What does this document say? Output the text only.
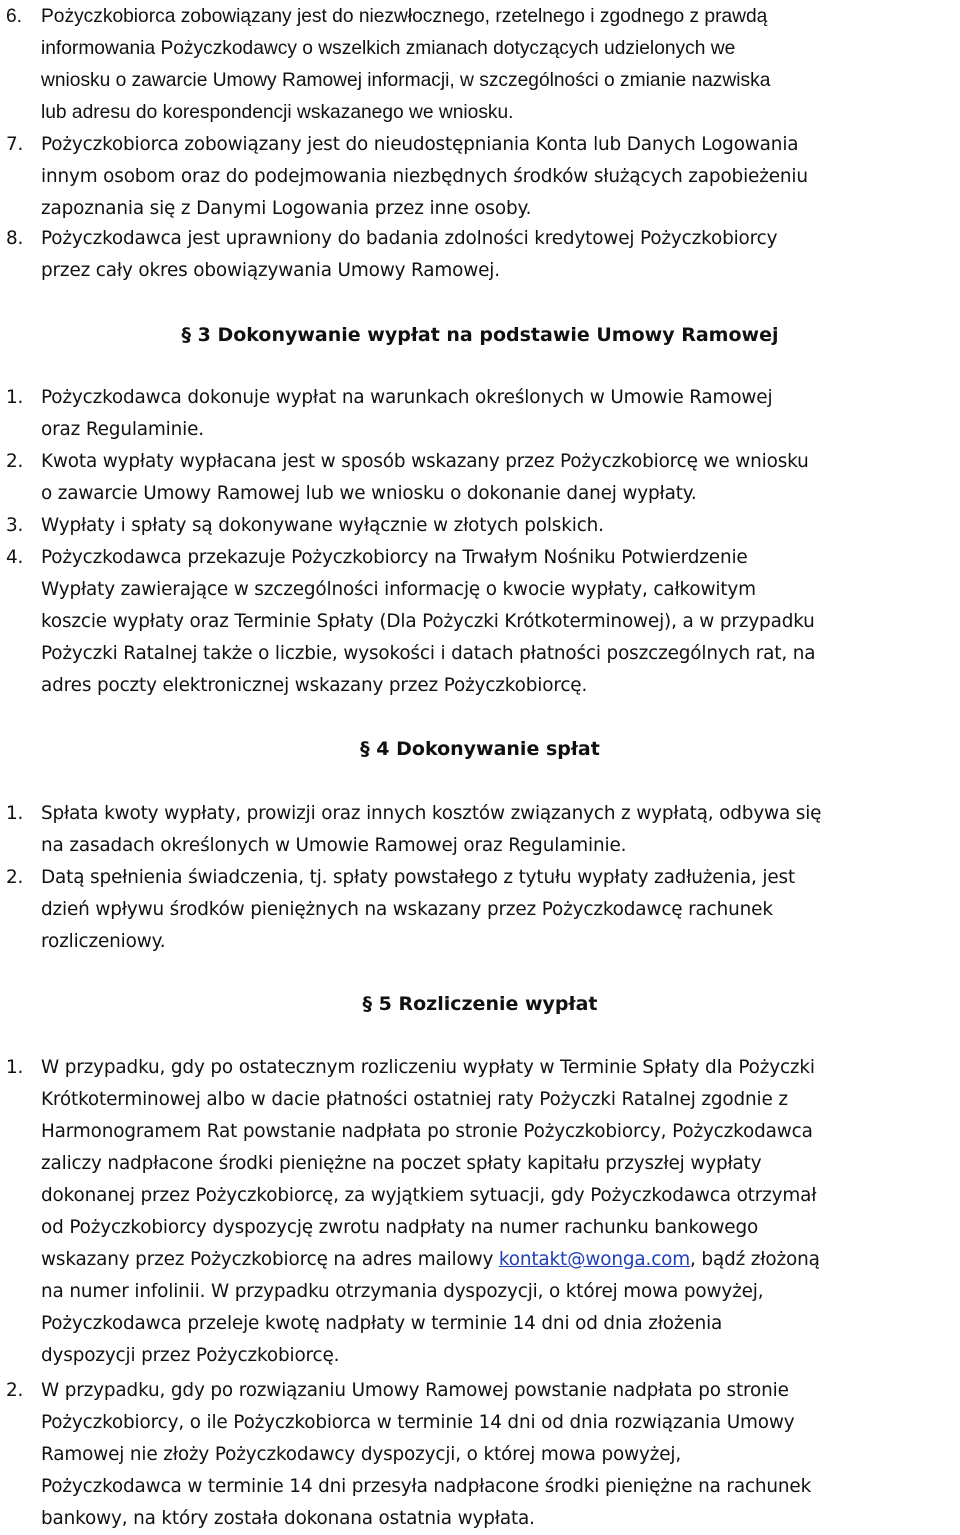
6. Pożyczkobiorca zobowiązany jest do niezwłocznego, rzetelnego i zgodnego z prawdą
informowania Pożyczkodawcy o wszelkich zmianach dotyczących udzielonych we
wniosku o zawarcie Umowy Ramowej informacji, w szczególności o zmianie nazwiska
lub adresu do korespondencji wskazanego we wniosku.
7. Pożyczkobiorca zobowiązany jest do nieudostępniania Konta lub Danych Logowania
innym osobom oraz do podejmowania niezbędnych środków służących zapobieżeniu
zapoznania się z Danymi Logowania przez inne osoby.
8. Pożyczkodawca jest uprawniony do badania zdolności kredytowej Pożyczkobiorcy
przez cały okres obowiązywania Umowy Ramowej.
§ 3 Dokonywanie wypłat na podstawie Umowy Ramowej
1. Pożyczkodawca dokonuje wypłat na warunkach określonych w Umowie Ramowej
oraz Regulaminie.
2. Kwota wypłaty wypłacana jest w sposób wskazany przez Pożyczkobiorcę we wniosku
o zawarcie Umowy Ramowej lub we wniosku o dokonanie danej wypłaty.
3. Wypłaty i spłaty są dokonywane wyłącznie w złotych polskich.
4. Pożyczkodawca przekazuje Pożyczkobiorcy na Trwałym Nośniku Potwierdzenie
Wypłaty zawierające w szczególności informację o kwocie wypłaty, całkowitym
koszcie wypłaty oraz Terminie Spłaty (Dla Pożyczki Krótkoterminowej), a w przypadku
Pożyczki Ratalnej także o liczbie, wysokości i datach płatności poszczególnych rat, na
adres poczty elektronicznej wskazany przez Pożyczkobiorcę.
§ 4 Dokonywanie spłat
1. Spłata kwoty wypłaty, prowizji oraz innych kosztów związanych z wypłatą, odbywa się
na zasadach określonych w Umowie Ramowej oraz Regulaminie.
2. Datą spełnienia świadczenia, tj. spłaty powstałego z tytułu wypłaty zadłużenia, jest
dzień wpływu środków pieniężnych na wskazany przez Pożyczkodawcę rachunek
rozliczeniowy.
§ 5 Rozliczenie wypłat
1. W przypadku, gdy po ostatecznym rozliczeniu wypłaty w Terminie Spłaty dla Pożyczki
Krótkoterminowej albo w dacie płatności ostatniej raty Pożyczki Ratalnej zgodnie z
Harmonogramem Rat powstanie nadpłata po stronie Pożyczkobiorcy, Pożyczkodawca
zaliczy nadpłacone środki pieniężne na poczet spłaty kapitału przyszłej wypłaty
dokonanej przez Pożyczkobiorcę, za wyjątkiem sytuacji, gdy Pożyczkodawca otrzymał
od Pożyczkobiorcy dyspozycję zwrotu nadpłaty na numer rachunku bankowego
wskazany przez Pożyczkobiorcę na adres mailowy kontakt@wonga.com, bądź złożoną
na numer infolinii. W przypadku otrzymania dyspozycji, o której mowa powyżej,
Pożyczkodawca przeleje kwotę nadpłaty w terminie 14 dni od dnia złożenia
dyspozycji przez Pożyczkobiorcę.
2. W przypadku, gdy po rozwiązaniu Umowy Ramowej powstanie nadpłata po stronie
Pożyczkobiorcy, o ile Pożyczkobiorca w terminie 14 dni od dnia rozwiązania Umowy
Ramowej nie złoży Pożyczkodawcy dyspozycji, o której mowa powyżej,
Pożyczkodawca w terminie 14 dni przesyła nadpłacone środki pieniężne na rachunek
bankowy, na który została dokonana ostatnia wypłata.
